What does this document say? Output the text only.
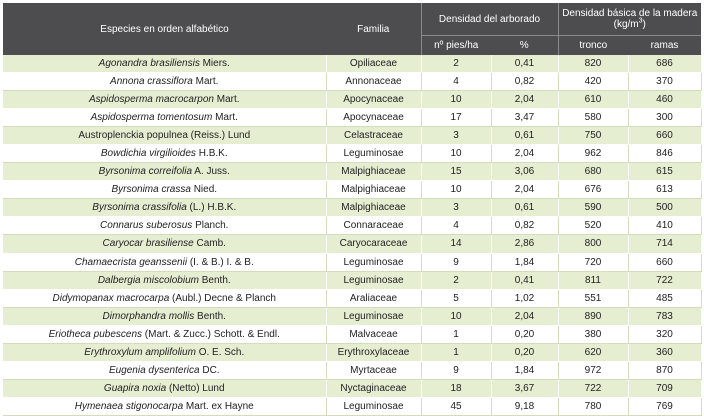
Especies en orden alfabético	Familia	Densidad del arborado		Densidad básica de la madera
$(kg/m^3)$	
		nº pies/ha	%	tronco	ramas
Agonandra brasiliensis Miers.	Opiliaceae	2	0,41	820	686
Annona crassiflora Mart.	Annonaceae	4	0,82	420	370
Aspidosperma macrocarpon Mart.	Apocynaceae	10	2,04	610	460
Aspidosperma tomentosum Mart.	Apocynaceae	17	3,47	580	300
Austroplenckia populnea (Reiss.) Lund	Celastraceae	3	0,61	750	660
Bowdichia virgilioides H.B.K.	Leguminosae	10	2,04	962	846
Byrsonima correifolia A. Juss.	Malpighiaceae	15	3,06	680	615
Byrsonima crassa Nied.	Malpighiaceae	10	2,04	676	613
Byrsonima crassifolia (L.) H.B.K.	Malpighiaceae	3	0,61	590	500
Connarus suberosus Planch.	Connaraceae	4	0,82	520	410
Caryocar brasiliense Camb.	Caryocaraceae	14	2,86	800	714
Chamaecrista geanssenii (I. & B.) I. & B.	Leguminosae	9	1,84	720	660
Dalbergia miscolobium Benth.	Leguminosae	2	0,41	811	722
Didymopanax macrocarpa (Aubl.) Decne & Planch	Araliaceae	5	1,02	551	485
Dimorphandra mollis Benth.	Leguminosae	10	2,04	890	783
Eriotheca pubescens (Mart. & Zucc.) Schott. & Endl.	Malvaceae	1	0,20	380	320
Erythroxylum amplifolium O. E. Sch.	Erythroxylaceae	1	0,20	620	360
Eugenia dysenterica DC.	Myrtaceae	9	1,84	972	870
Guapira noxia (Netto) Lund	Nyctaginaceae	18	3,67	722	709
Hymenaea stigonocarpa Mart. ex Hayne	Leguminosae	45	9,18	780	769
